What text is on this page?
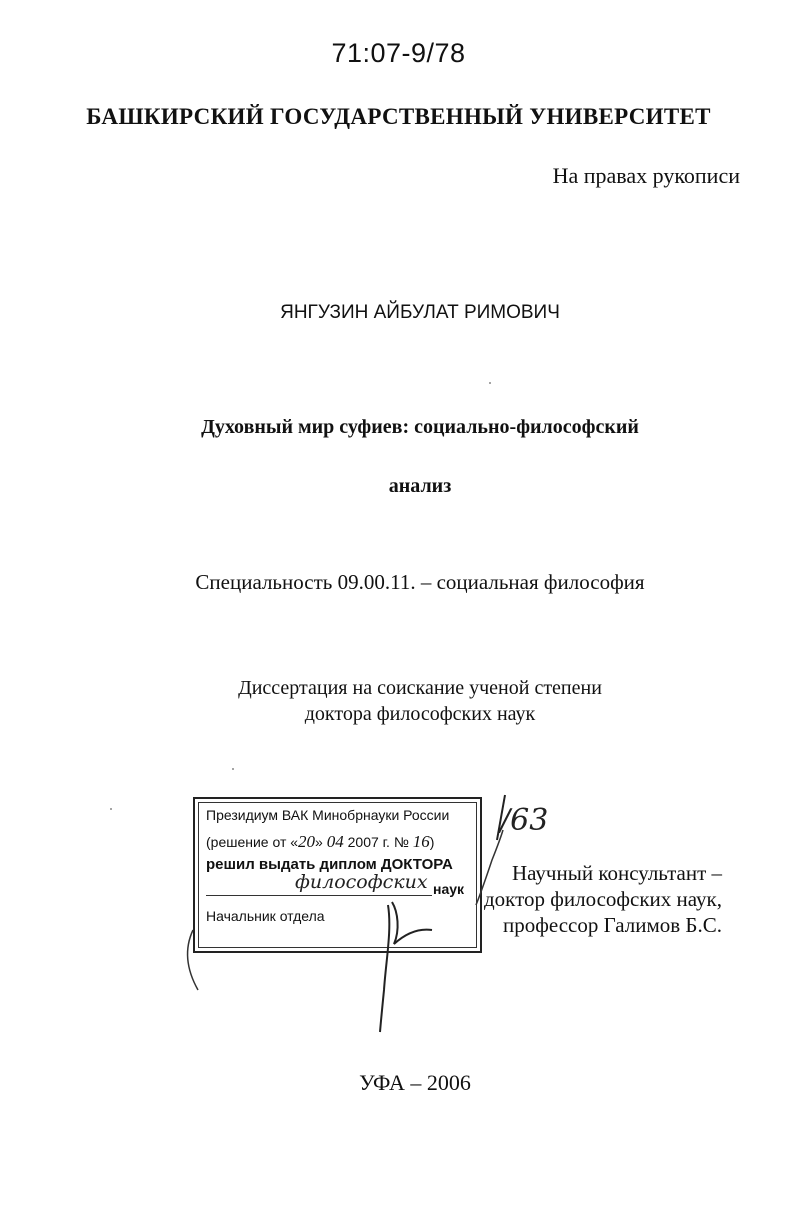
71:07-9/78
БАШКИРСКИЙ ГОСУДАРСТВЕННЫЙ УНИВЕРСИТЕТ
На правах рукописи
ЯНГУЗИН АЙБУЛАТ РИМОВИЧ
Духовный мир суфиев: социально-философский
анализ
Специальность 09.00.11. – социальная философия
Диссертация на соискание ученой степени
доктора философских наук
Президиум ВАК Минобрнауки России
(решение от «20» 04 2007 г. № 16)
решил выдать диплом ДОКТОРА
философских наук
Начальник отдела
/63
Научный консультант –
доктор философских наук,
профессор Галимов Б.С.
УФА – 2006
